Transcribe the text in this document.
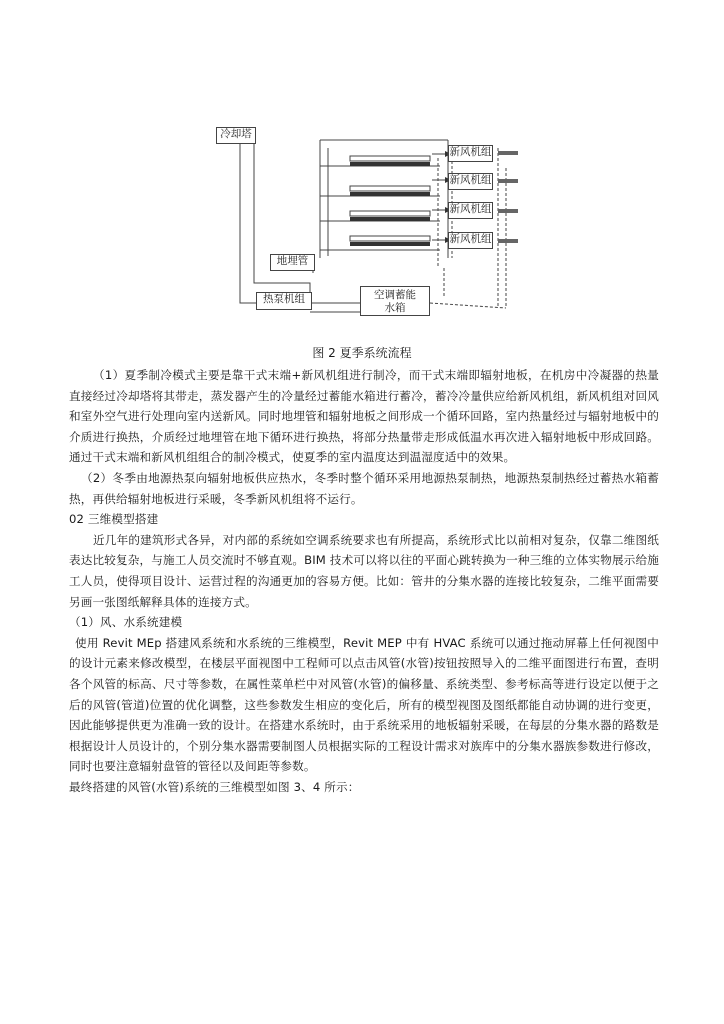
冷却塔
新风机组
新风机组
新风机组
新风机组
地埋管
热泵机组	空调蓄能
水箱
图 2 夏季系统流程

（1）夏季制冷模式主要是靠干式末端+新风机组进行制冷，而干式末端即辐射地板，在机房中冷凝器的热量直接经过冷却塔将其带走，蒸发器产生的冷量经过蓄能水箱进行蓄冷，蓄冷冷量供应给新风机组，新风机组对回风和室外空气进行处理向室内送新风。同时地埋管和辐射地板之间形成一个循环回路，室内热量经过与辐射地板中的介质进行换热，介质经过地埋管在地下循环进行换热，将部分热量带走形成低温水再次进入辐射地板中形成回路。通过干式末端和新风机组组合的制冷模式，使夏季的室内温度达到温湿度适中的效果。

（2）冬季由地源热泵向辐射地板供应热水，冬季时整个循环采用地源热泵制热，地源热泵制热经过蓄热水箱蓄热，再供给辐射地板进行采暖，冬季新风机组将不运行。

02 三维模型搭建

近几年的建筑形式各异，对内部的系统如空调系统要求也有所提高，系统形式比以前相对复杂，仅靠二维图纸表达比较复杂，与施工人员交流时不够直观。BIM 技术可以将以往的平面心跳转换为一种三维的立体实物展示给施工人员，使得项目设计、运营过程的沟通更加的容易方便。比如：管井的分集水器的连接比较复杂，二维平面需要另画一张图纸解释具体的连接方式。

（1）风、水系统建模

使用 Revit MEp 搭建风系统和水系统的三维模型，Revit MEP 中有 HVAC 系统可以通过拖动屏幕上任何视图中的设计元素来修改模型，在楼层平面视图中工程师可以点击风管(水管)按钮按照导入的二维平面图进行布置，查明各个风管的标高、尺寸等参数，在属性菜单栏中对风管(水管)的偏移量、系统类型、参考标高等进行设定以便于之后的风管(管道)位置的优化调整，这些参数发生相应的变化后，所有的模型视图及图纸都能自动协调的进行变更，因此能够提供更为准确一致的设计。在搭建水系统时，由于系统采用的地板辐射采暖，在每层的分集水器的路数是根据设计人员设计的，个别分集水器需要制图人员根据实际的工程设计需求对族库中的分集水器族参数进行修改，同时也要注意辐射盘管的管径以及间距等参数。

最终搭建的风管(水管)系统的三维模型如图 3、4 所示：
